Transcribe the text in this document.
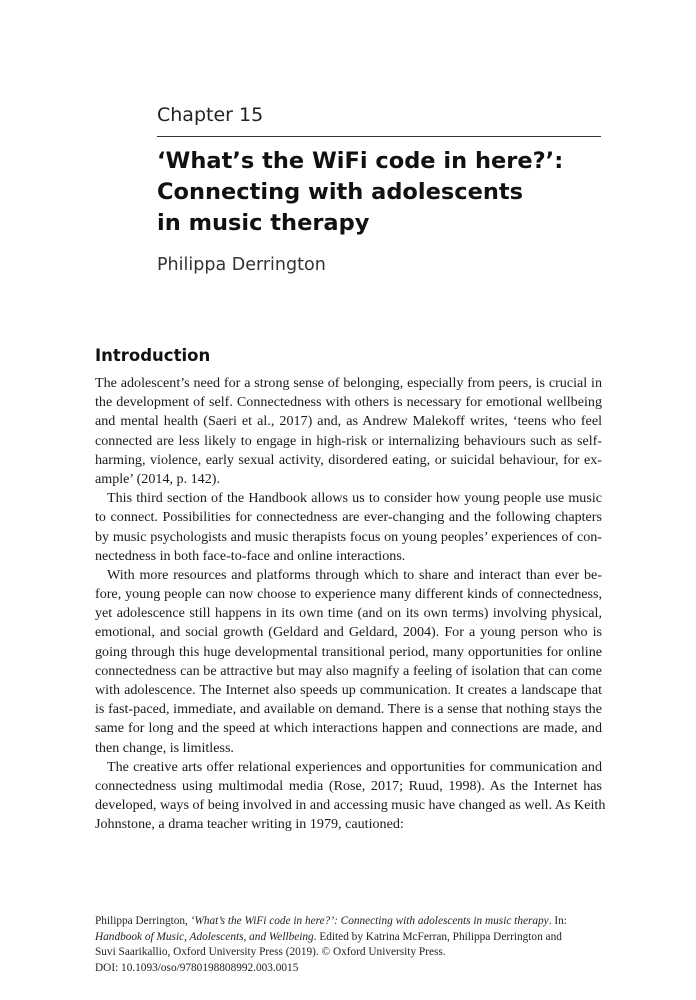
Chapter 15
‘What’s the WiFi code in here?’:
Connecting with adolescents
in music therapy
Philippa Derrington
Introduction
The adolescent’s need for a strong sense of belonging, especially from peers, is crucial in
the development of self. Connectedness with others is necessary for emotional wellbeing
and mental health (Saeri et al., 2017) and, as Andrew Malekoff writes, ‘teens who feel
connected are less likely to engage in high-risk or internalizing behaviours such as self-
harming, violence, early sexual activity, disordered eating, or suicidal behaviour, for ex-
ample’ (2014, p. 142).
This third section of the Handbook allows us to consider how young people use music
to connect. Possibilities for connectedness are ever-changing and the following chapters
by music psychologists and music therapists focus on young peoples’ experiences of con-
nectedness in both face-to-face and online interactions.
With more resources and platforms through which to share and interact than ever be-
fore, young people can now choose to experience many different kinds of connectedness,
yet adolescence still happens in its own time (and on its own terms) involving physical,
emotional, and social growth (Geldard and Geldard, 2004). For a young person who is
going through this huge developmental transitional period, many opportunities for online
connectedness can be attractive but may also magnify a feeling of isolation that can come
with adolescence. The Internet also speeds up communication. It creates a landscape that
is fast-paced, immediate, and available on demand. There is a sense that nothing stays the
same for long and the speed at which interactions happen and connections are made, and
then change, is limitless.
The creative arts offer relational experiences and opportunities for communication and
connectedness using multimodal media (Rose, 2017; Ruud, 1998). As the Internet has
developed, ways of being involved in and accessing music have changed as well. As Keith
Johnstone, a drama teacher writing in 1979, cautioned:
Philippa Derrington, ‘What’s the WiFi code in here?’: Connecting with adolescents in music therapy. In:
Handbook of Music, Adolescents, and Wellbeing. Edited by Katrina McFerran, Philippa Derrington and
Suvi Saarikallio, Oxford University Press (2019). © Oxford University Press.
DOI: 10.1093/oso/9780198808992.003.0015
